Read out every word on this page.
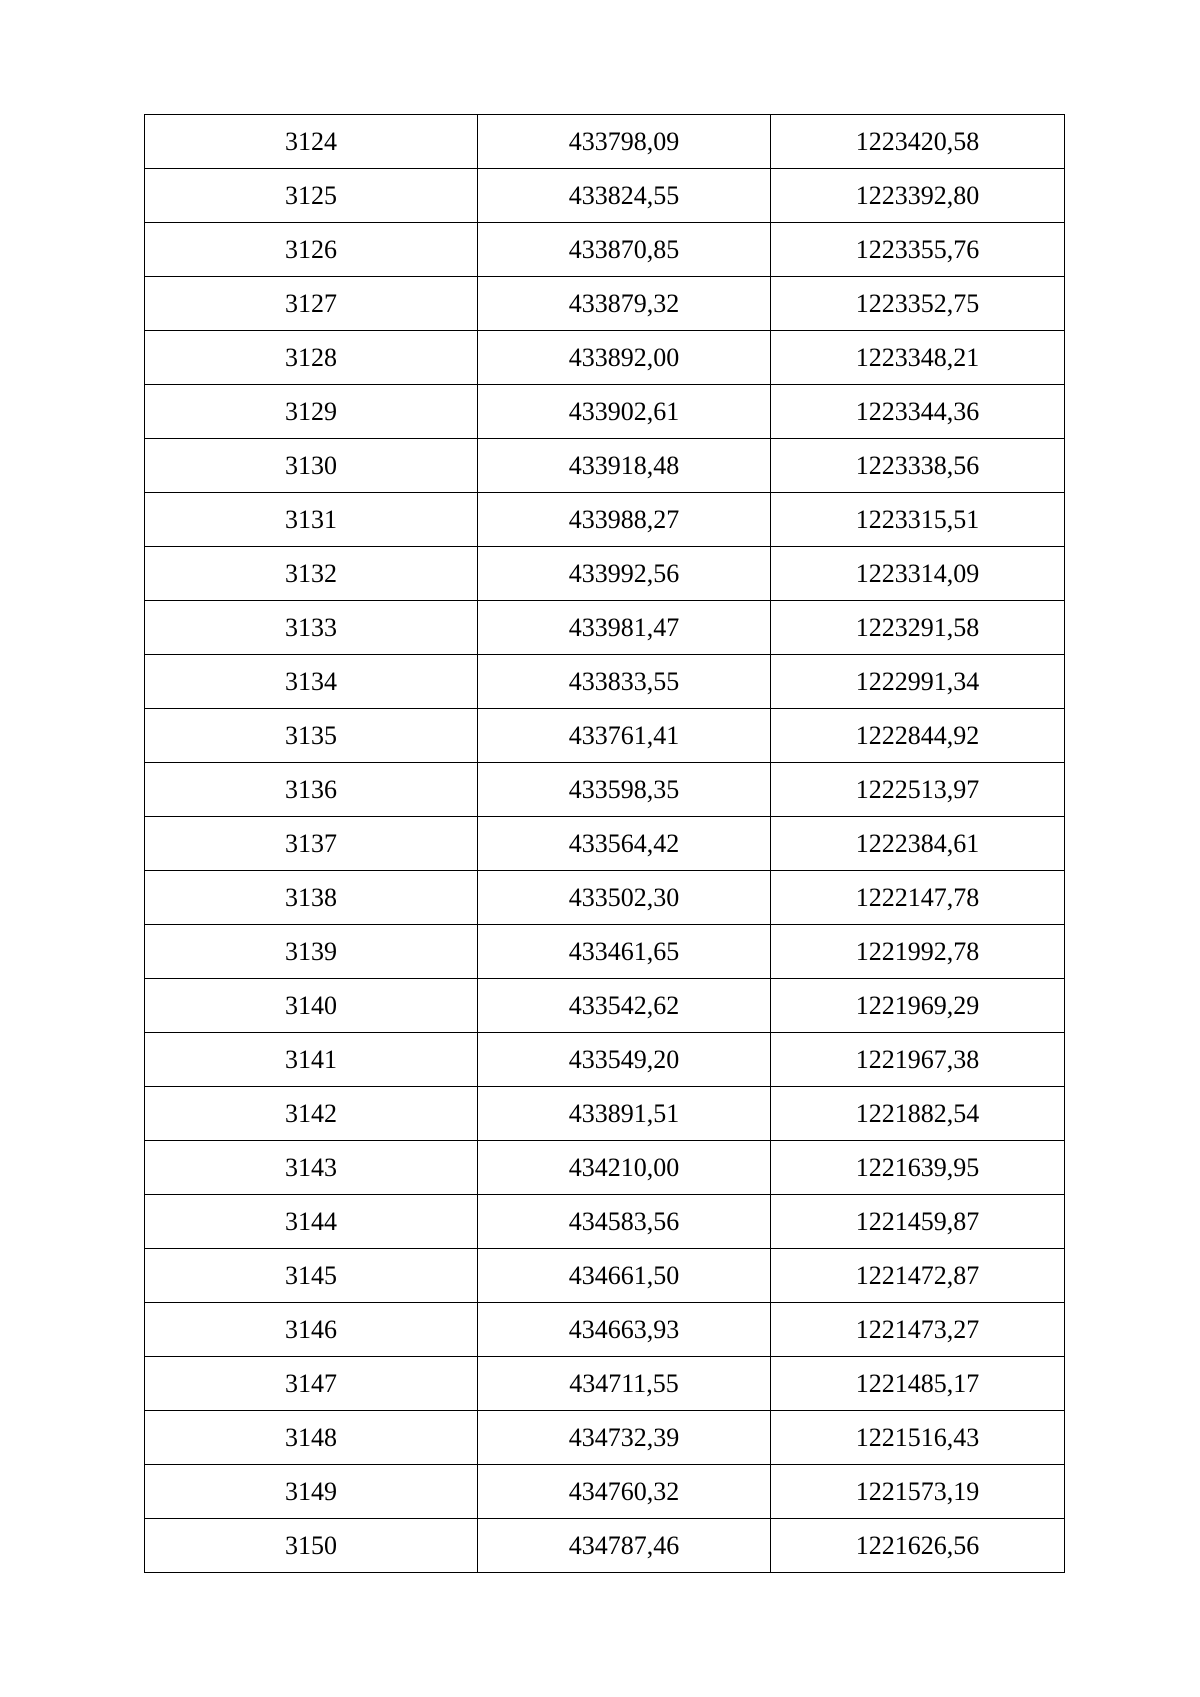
3124	433798,09	1223420,58
3125	433824,55	1223392,80
3126	433870,85	1223355,76
3127	433879,32	1223352,75
3128	433892,00	1223348,21
3129	433902,61	1223344,36
3130	433918,48	1223338,56
3131	433988,27	1223315,51
3132	433992,56	1223314,09
3133	433981,47	1223291,58
3134	433833,55	1222991,34
3135	433761,41	1222844,92
3136	433598,35	1222513,97
3137	433564,42	1222384,61
3138	433502,30	1222147,78
3139	433461,65	1221992,78
3140	433542,62	1221969,29
3141	433549,20	1221967,38
3142	433891,51	1221882,54
3143	434210,00	1221639,95
3144	434583,56	1221459,87
3145	434661,50	1221472,87
3146	434663,93	1221473,27
3147	434711,55	1221485,17
3148	434732,39	1221516,43
3149	434760,32	1221573,19
3150	434787,46	1221626,56
